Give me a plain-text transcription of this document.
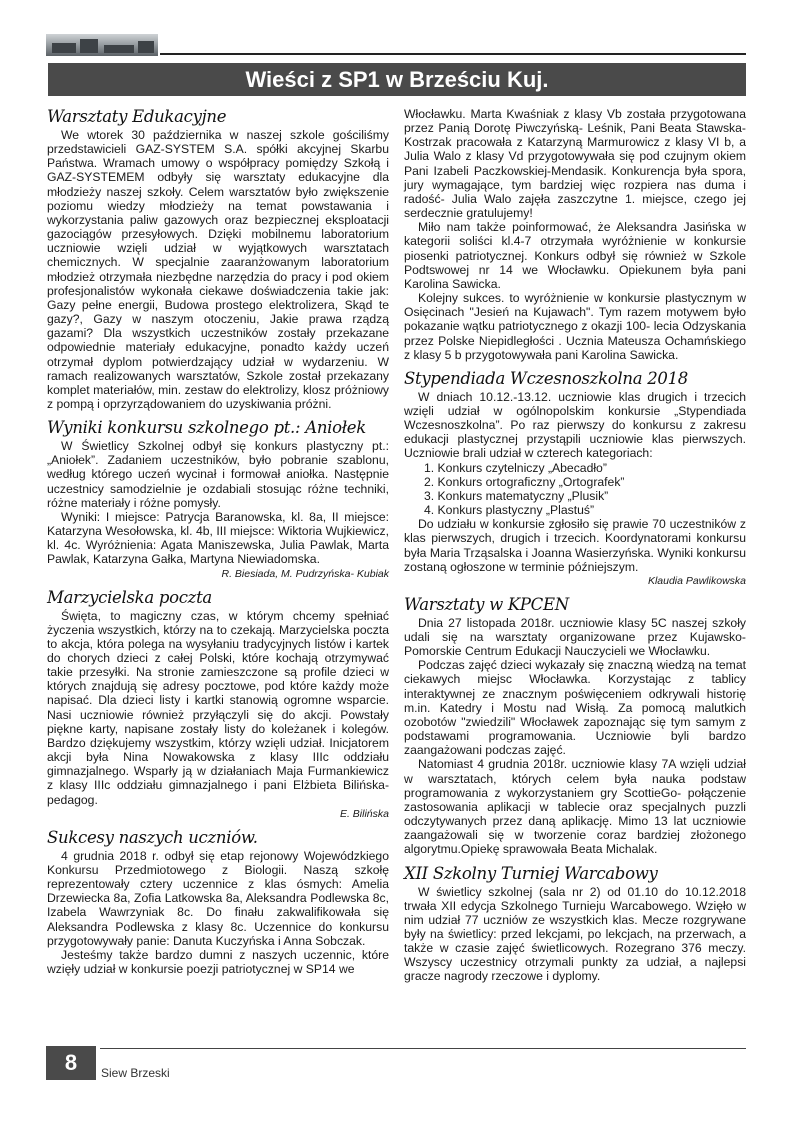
Wieści z SP1 w Brześciu Kuj.
Warsztaty Edukacyjne

We wtorek 30 października w naszej szkole gościliśmy przedstawicieli GAZ-SYSTEM S.A. spółki akcyjnej Skarbu Państwa. Wramach umowy o współpracy pomiędzy Szkołą i GAZ-SYSTEMEM odbyły się warsztaty edukacyjne dla młodzieży naszej szkoły. Celem warsztatów było zwiększenie poziomu wiedzy młodzieży na temat powstawania i wykorzystania paliw gazowych oraz bezpiecznej eksploatacji gazociągów przesyłowych. Dzięki mobilnemu laboratorium uczniowie wzięli udział w wyjątkowych warsztatach chemicznych. W specjalnie zaaranżowanym laboratorium młodzież otrzymała niezbędne narzędzia do pracy i pod okiem profesjonalistów wykonała ciekawe doświadczenia takie jak: Gazy pełne energii, Budowa prostego elektrolizera, Skąd te gazy?, Gazy w naszym otoczeniu, Jakie prawa rządzą gazami? Dla wszystkich uczestników zostały przekazane odpowiednie materiały edukacyjne, ponadto każdy uczeń otrzymał dyplom potwierdzający udział w wydarzeniu. W ramach realizowanych warsztatów, Szkole został przekazany komplet materiałów, min. zestaw do elektrolizy, klosz próżniowy z pompą i oprzyrządowaniem do uzyskiwania próżni.

Wyniki konkursu szkolnego pt.: Aniołek

W Świetlicy Szkolnej odbył się konkurs plastyczny pt.: „Aniołek”. Zadaniem uczestników, było pobranie szablonu, według którego uczeń wycinał i formował aniołka. Następnie uczestnicy samodzielnie je ozdabiali stosując różne techniki, różne materiały i różne pomysły.

Wyniki: I miejsce: Patrycja Baranowska, kl. 8a, II miejsce: Katarzyna Wesołowska, kl. 4b, III miejsce: Wiktoria Wujkiewicz, kl. 4c. Wyróżnienia: Agata Maniszewska, Julia Pawlak, Marta Pawlak, Katarzyna Gałka, Martyna Niewiadomska.

R. Biesiada, M. Pudrzyńska- Kubiak

Marzycielska poczta

Święta, to magiczny czas, w którym chcemy spełniać życzenia wszystkich, którzy na to czekają. Marzycielska poczta to akcja, która polega na wysyłaniu tradycyjnych listów i kartek do chorych dzieci z całej Polski, które kochają otrzymywać takie przesyłki. Na stronie zamieszczone są profile dzieci w których znajdują się adresy pocztowe, pod które każdy może napisać. Dla dzieci listy i kartki stanowią ogromne wsparcie. Nasi uczniowie również przyłączyli się do akcji. Powstały piękne karty, napisane zostały listy do koleżanek i kolegów. Bardzo dziękujemy wszystkim, którzy wzięli udział. Inicjatorem akcji była Nina Nowakowska z klasy IIIc oddziału gimnazjalnego. Wsparły ją w działaniach Maja Furmankiewicz z klasy IIIc oddziału gimnazjalnego i pani Elżbieta Bilińska-pedagog.

E. Bilińska

Sukcesy naszych uczniów.

4 grudnia 2018 r. odbył się etap rejonowy Wojewódzkiego Konkursu Przedmiotowego z Biologii. Naszą szkołę reprezentowały cztery uczennice z klas ósmych: Amelia Drzewiecka 8a, Zofia Latkowska 8a, Aleksandra Podlewska 8c, Izabela Wawrzyniak 8c. Do finału zakwalifikowała się Aleksandra Podlewska z klasy 8c. Uczennice do konkursu przygotowywały panie: Danuta Kuczyńska i Anna Sobczak.

Jesteśmy także bardzo dumni z naszych uczennic, które wzięły udział w konkursie poezji patriotycznej w SP14 we

Włocławku. Marta Kwaśniak z klasy Vb została przygotowana przez Panią Dorotę Piwczyńską- Leśnik, Pani Beata Stawska-Kostrzak pracowała z Katarzyną Marmurowicz z klasy VI b, a Julia Walo z klasy Vd przygotowywała się pod czujnym okiem Pani Izabeli Paczkowskiej-Mendasik. Konkurencja była spora, jury wymagające, tym bardziej więc rozpiera nas duma i radość- Julia Walo zajęła zaszczytne 1. miejsce, czego jej serdecznie gratulujemy!

Miło nam także poinformować, że Aleksandra Jasińska w kategorii soliści kl.4-7 otrzymała wyróżnienie w konkursie piosenki patriotycznej. Konkurs odbył się również w Szkole Podtswowej nr 14 we Włocławku. Opiekunem była pani Karolina Sawicka.

Kolejny sukces. to wyróżnienie w konkursie plastycznym w Osięcinach "Jesień na Kujawach". Tym razem motywem było pokazanie wątku patriotycznego z okazji 100- lecia Odzyskania przez Polske Niepidległości . Ucznia Mateusza Ochamńskiego z klasy 5 b przygotowywała pani Karolina Sawicka.

Stypendiada Wczesnoszkolna 2018

W dniach 10.12.-13.12. uczniowie klas drugich i trzecich wzięli udział w ogólnopolskim konkursie „Stypendiada Wczesnoszkolna”. Po raz pierwszy do konkursu z zakresu edukacji plastycznej przystąpili uczniowie klas pierwszych. Uczniowie brali udział w czterech kategoriach:

1. Konkurs czytelniczy „Abecadło”
2. Konkurs ortograficzny „Ortografek”
3. Konkurs matematyczny „Plusik”
4. Konkurs plastyczny „Plastuś”

Do udziału w konkursie zgłosiło się prawie 70 uczestników z klas pierwszych, drugich i trzecich. Koordynatorami konkursu była Maria Trząsalska i Joanna Wasierzyńska. Wyniki konkursu zostaną ogłoszone w terminie późniejszym.

Klaudia Pawlikowska

Warsztaty w KPCEN

Dnia 27 listopada 2018r. uczniowie klasy 5C naszej szkoły udali się na warsztaty organizowane przez Kujawsko-Pomorskie Centrum Edukacji Nauczycieli we Włocławku.

Podczas zajęć dzieci wykazały się znaczną wiedzą na temat ciekawych miejsc Włocławka. Korzystając z tablicy interaktywnej ze znacznym poświęceniem odkrywali historię m.in. Katedry i Mostu nad Wisłą. Za pomocą malutkich ozobotów "zwiedzili" Włocławek zapoznając się tym samym z podstawami programowania. Uczniowie byli bardzo zaangażowani podczas zajęć.

Natomiast 4 grudnia 2018r. uczniowie klasy 7A wzięli udział w warsztatach, których celem była nauka podstaw programowania z wykorzystaniem gry ScottieGo- połączenie zastosowania aplikacji w tablecie oraz specjalnych puzzli odczytywanych przez daną aplikację. Mimo 13 lat uczniowie zaangażowali się w tworzenie coraz bardziej złożonego algorytmu.Opiekę sprawowała Beata Michalak.

XII Szkolny Turniej Warcabowy

W świetlicy szkolnej (sala nr 2) od 01.10 do 10.12.2018 trwała XII edycja Szkolnego Turnieju Warcabowego. Wzięło w nim udział 77 uczniów ze wszystkich klas. Mecze rozgrywane były na świetlicy: przed lekcjami, po lekcjach, na przerwach, a także w czasie zajęć świetlicowych. Rozegrano 376 meczy. Wszyscy uczestnicy otrzymali punkty za udział, a najlepsi gracze nagrody rzeczowe i dyplomy.

8	Siew Brzeski
